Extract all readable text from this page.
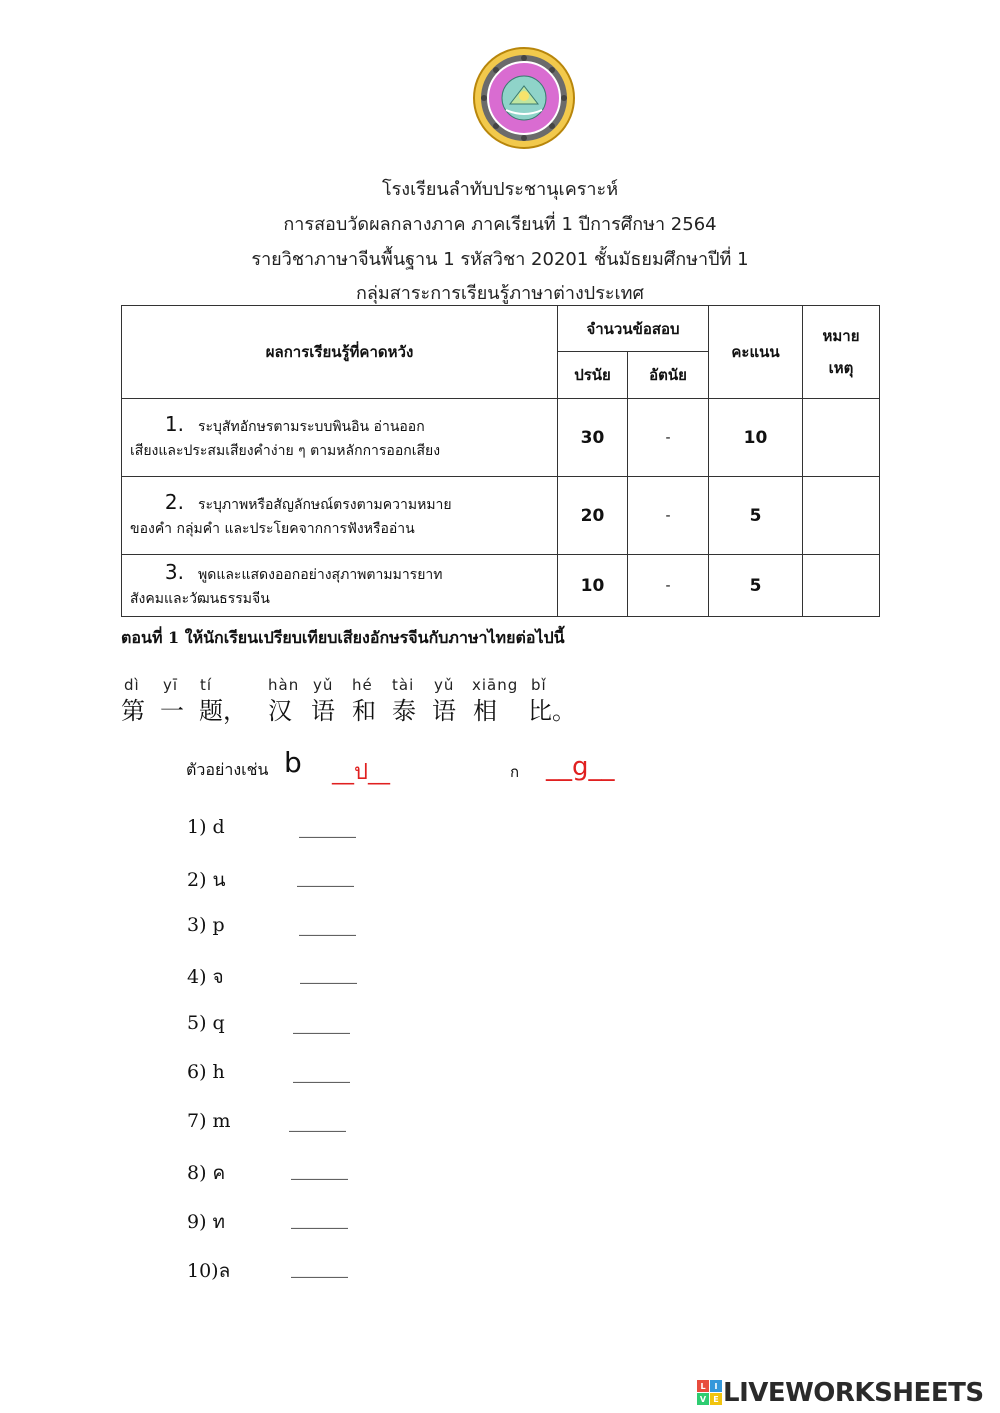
โรงเรียนลำทับประชานุเคราะห์
การสอบวัดผลกลางภาค ภาคเรียนที่ 1 ปีการศึกษา 2564
รายวิชาภาษาจีนพื้นฐาน 1 รหัสวิชา 20201 ชั้นมัธยมศึกษาปีที่ 1
กลุ่มสาระการเรียนรู้ภาษาต่างประเทศ
ผลการเรียนรู้ที่คาดหวัง	จำนวนข้อสอบ		คะแนน	หมาย
เหตุ

	ปรนัย	อัตนัย		
1. ระบุสัทอักษรตามระบบพินอิน อ่านออก
เสียงและประสมเสียงคำง่าย ๆ ตามหลักการออกเสียง	30	-	10	
2. ระบุภาพหรือสัญลักษณ์ตรงตามความหมาย
ของคำ กลุ่มคำ และประโยคจากการฟังหรืออ่าน	20	-	5	
3. พูดและแสดงออกอย่างสุภาพตามมารยาท
สังคมและวัฒนธรรมจีน	10	-	5	
ตอนที่ 1 ให้นักเรียนเปรียบเทียบเสียงอักษรจีนกับภาษาไทยต่อไปนี้
dì yī tí	hàn yǔ hé tài yǔ xiāng bǐ
第 一 题， 汉 语 和 泰 语 相 比。
ตัวอย่างเช่น b __ป__	ก __g__
1) d	______
2) น	______
3) p	______
4) จ	______
5) q	______
6) h	______
7) m	______
8) ค	______
9) ท	______
10)ล	______
L I
V E LIVEWORKSHEETS
